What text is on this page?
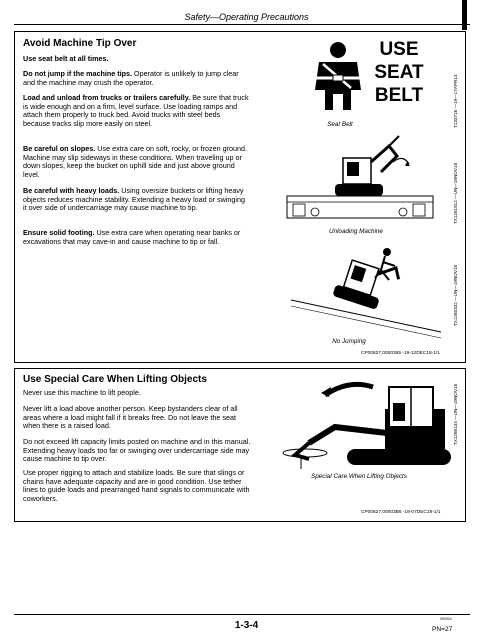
Safety—Operating Precautions
Avoid Machine Tip Over
Use seat belt at all times.
Do not jump if the machine tips. Operator is unlikely to jump clear and the machine may crush the operator.
Load and unload from trucks or trailers carefully. Be sure that truck is wide enough and on a firm, level surface. Use loading ramps and attach them properly to truck bed. Avoid trucks with steel beds because tracks slip more easily on steel.
Be careful on slopes. Use extra care on soft, rocky, or frozen ground. Machine may slip sideways in these conditions. When traveling up or down slopes, keep the bucket on uphill side and just above ground level.
Be careful with heavy loads. Using oversize buckets or lifting heavy objects reduces machine stability. Extending a heavy load or swinging it over side of undercarriage may cause machine to tip.
Ensure solid footing. Use extra care when operating near banks or excavations that may cave-in and cause machine to tip or fall.
USE
SEAT
BELT
Seat Belt	T133716 —19—17APR13
Unloading Machine
TX1261812 —UN—19NOV18
No Jumping
TX1265332 —UN—19NOV18
CP00627,0000385 -19-12DEC18-1/1
Use Special Care When Lifting Objects
Never use this machine to lift people.
Never lift a load above another person. Keep bystanders clear of all areas where a load might fall if it breaks free. Do not leave the seat when there is a raised load.
Do not exceed lift capacity limits posted on machine and in this manual. Extending heavy loads too far or swinging over undercarriage side may cause machine to tip over.
Use proper rigging to attach and stabilize loads. Be sure that slings or chains have adequate capacity and are in good condition. Use tether lines to guide loads and prearranged hand signals to communicate with coworkers.
Special Care When Lifting Objects
TX1266134 —UN—19NOV18
CP00627,00003B6 -19-07DEC18-1/1
1-3-4
092924
PN=27
